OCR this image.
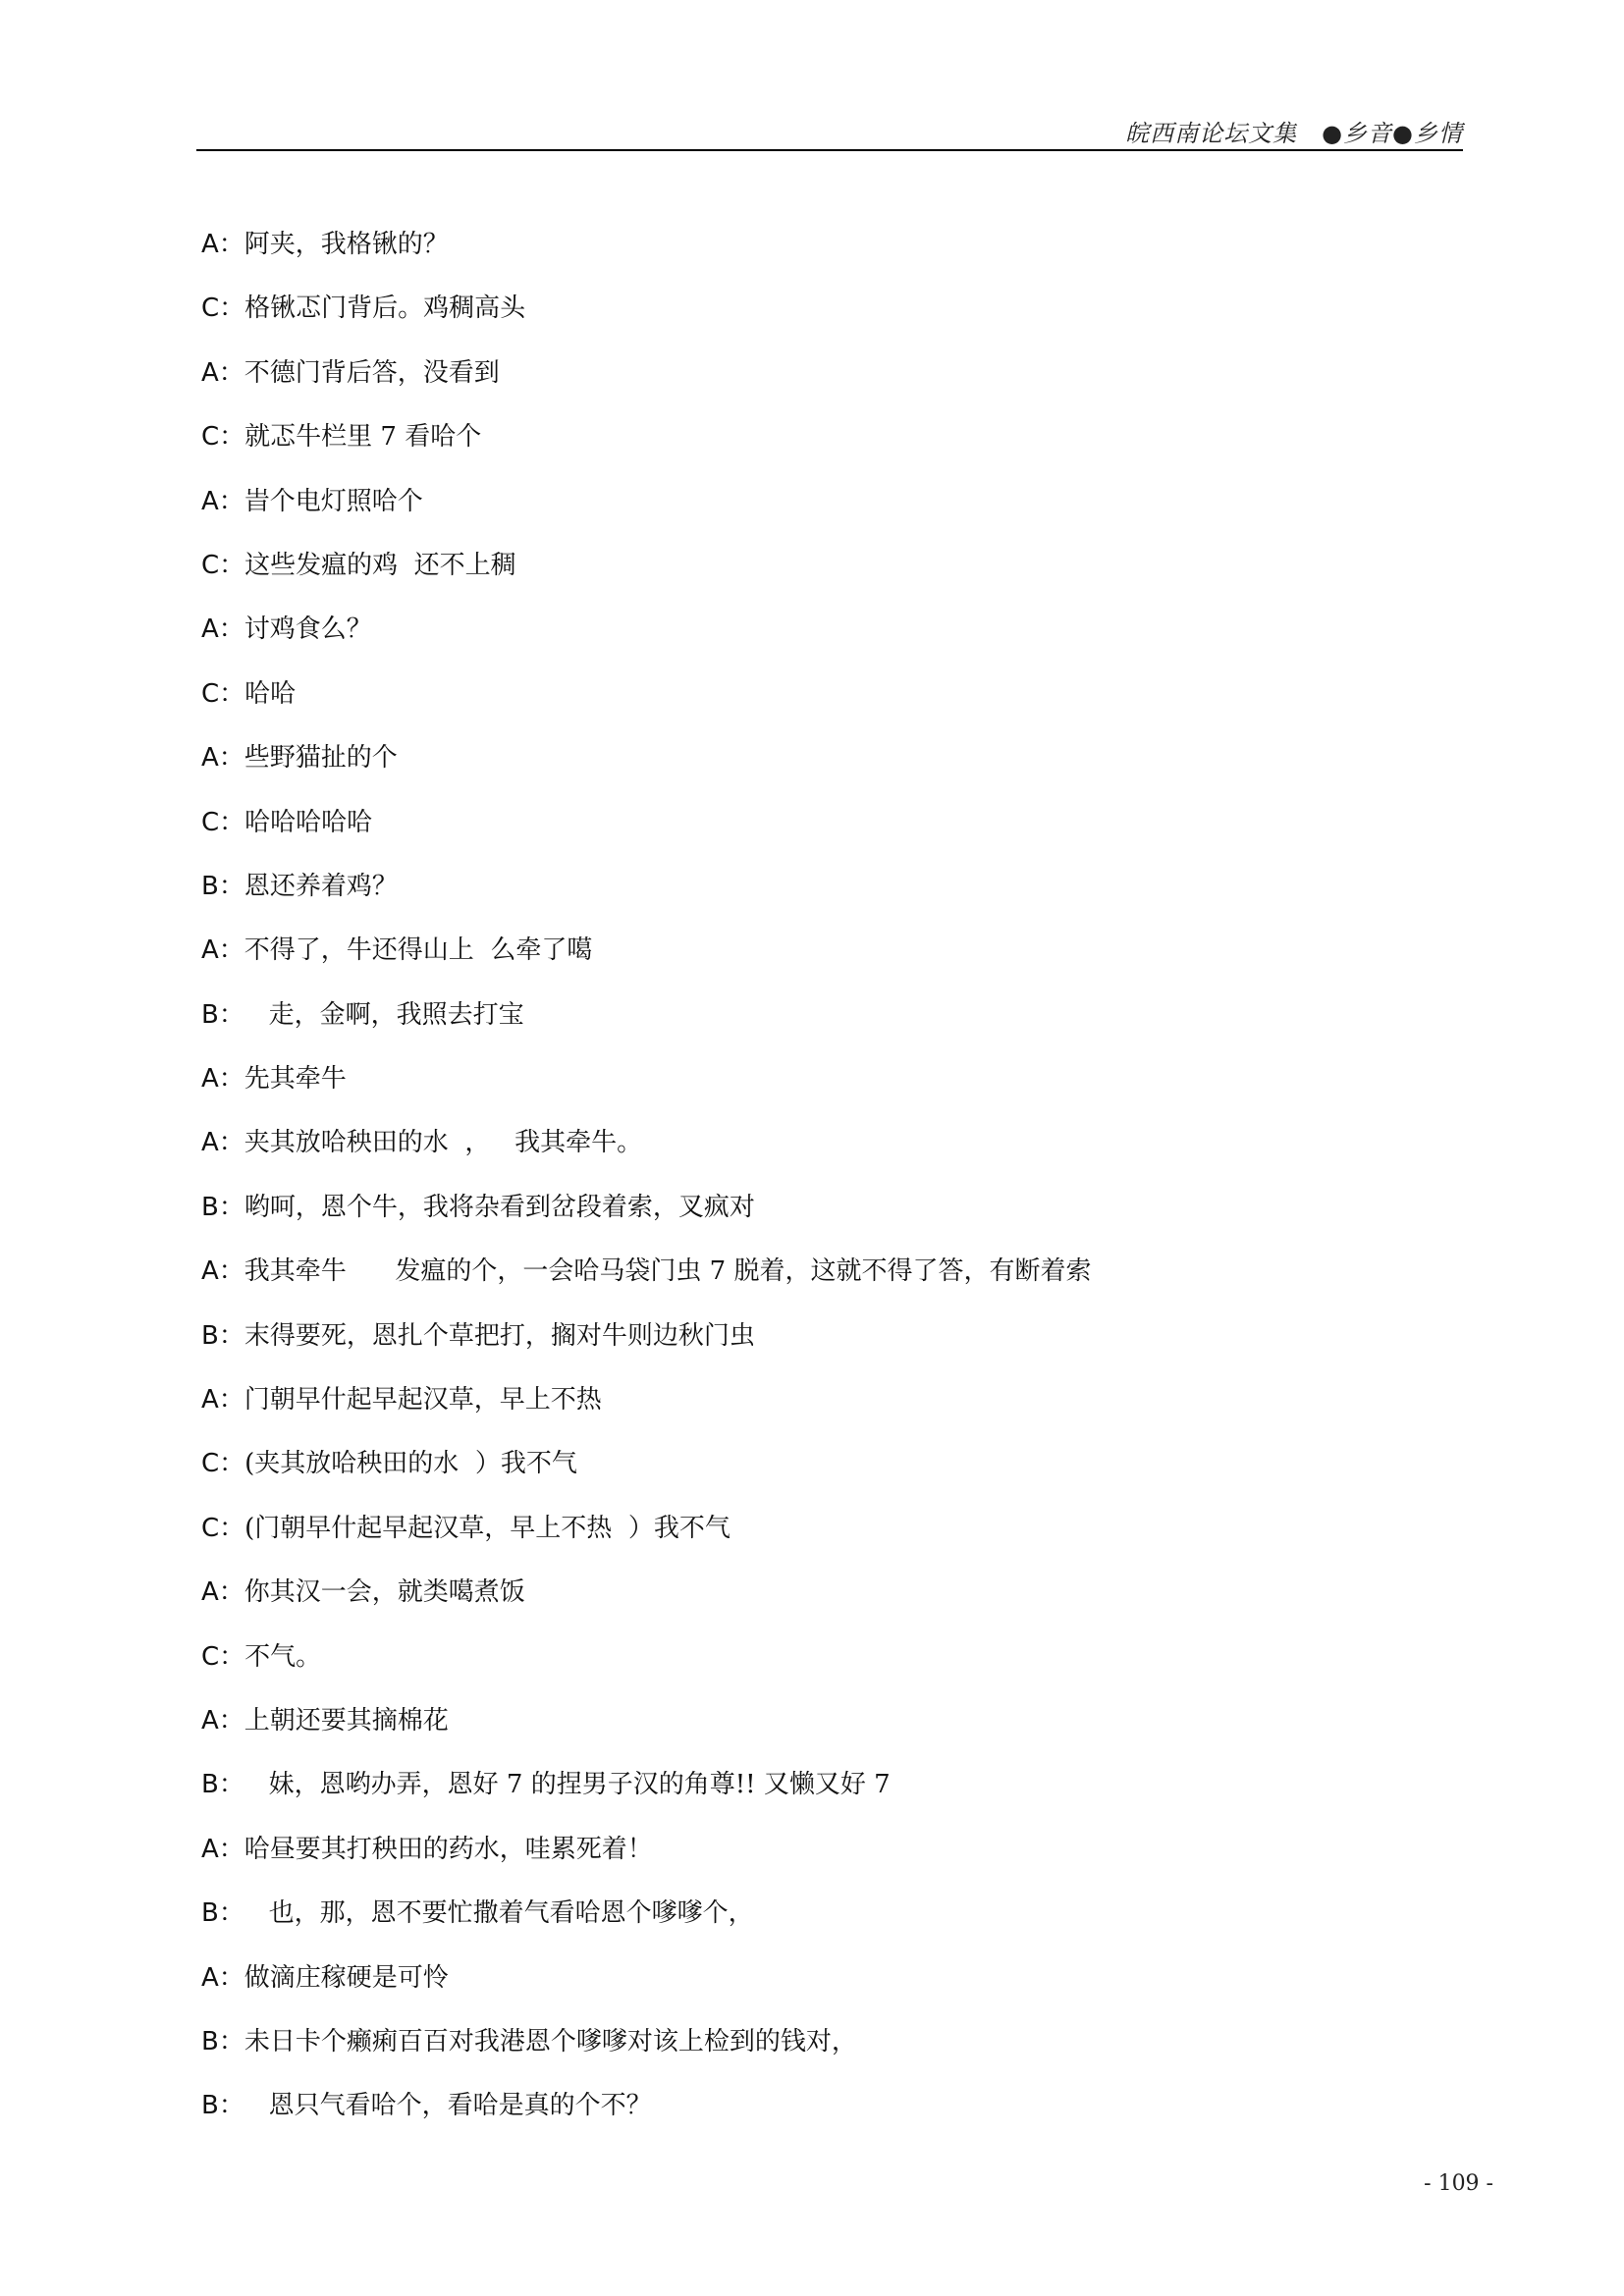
皖西南论坛文集　●乡音●乡情
A：阿夹，我格锹的？
C：格锹忑门背后。鸡稠高头
A：不德门背后答，没看到
C：就忑牛栏里 7 看哈个
A：旹个电灯照哈个
C：这些发瘟的鸡  还不上稠
A：讨鸡食么？
C：哈哈
A：些野猫扯的个
C：哈哈哈哈哈
B：恩还养着鸡？
A：不得了，牛还得山上  么牵了噶
B：   走，金啊，我照去打宝
A：先其牵牛
A：夹其放哈秧田的水  ，   我其牵牛。
B：哟呵，恩个牛，我将杂看到岔段着索，叉疯对
A：我其牵牛      发瘟的个，一会哈马袋门虫 7 脱着，这就不得了答，有断着索
B：末得要死，恩扎个草把打，搁对牛则边秋门虫
A：门朝早什起早起汉草，早上不热
C：(夹其放哈秧田的水  ）我不气
C：(门朝早什起早起汉草，早上不热  ）我不气
A：你其汉一会，就类噶煮饭
C：不气。
A：上朝还要其摘棉花
B：   妹，恩哟办弄，恩好 7 的捏男子汉的角尊!! 又懒又好 7
A：哈昼要其打秧田的药水，哇累死着！
B：   也，那，恩不要忙撒着气看哈恩个嗲嗲个，
A：做滴庄稼硬是可怜
B：未日卡个癞痢百百对我港恩个嗲嗲对该上检到的钱对，
B：   恩只气看哈个，看哈是真的个不？
- 109 -
